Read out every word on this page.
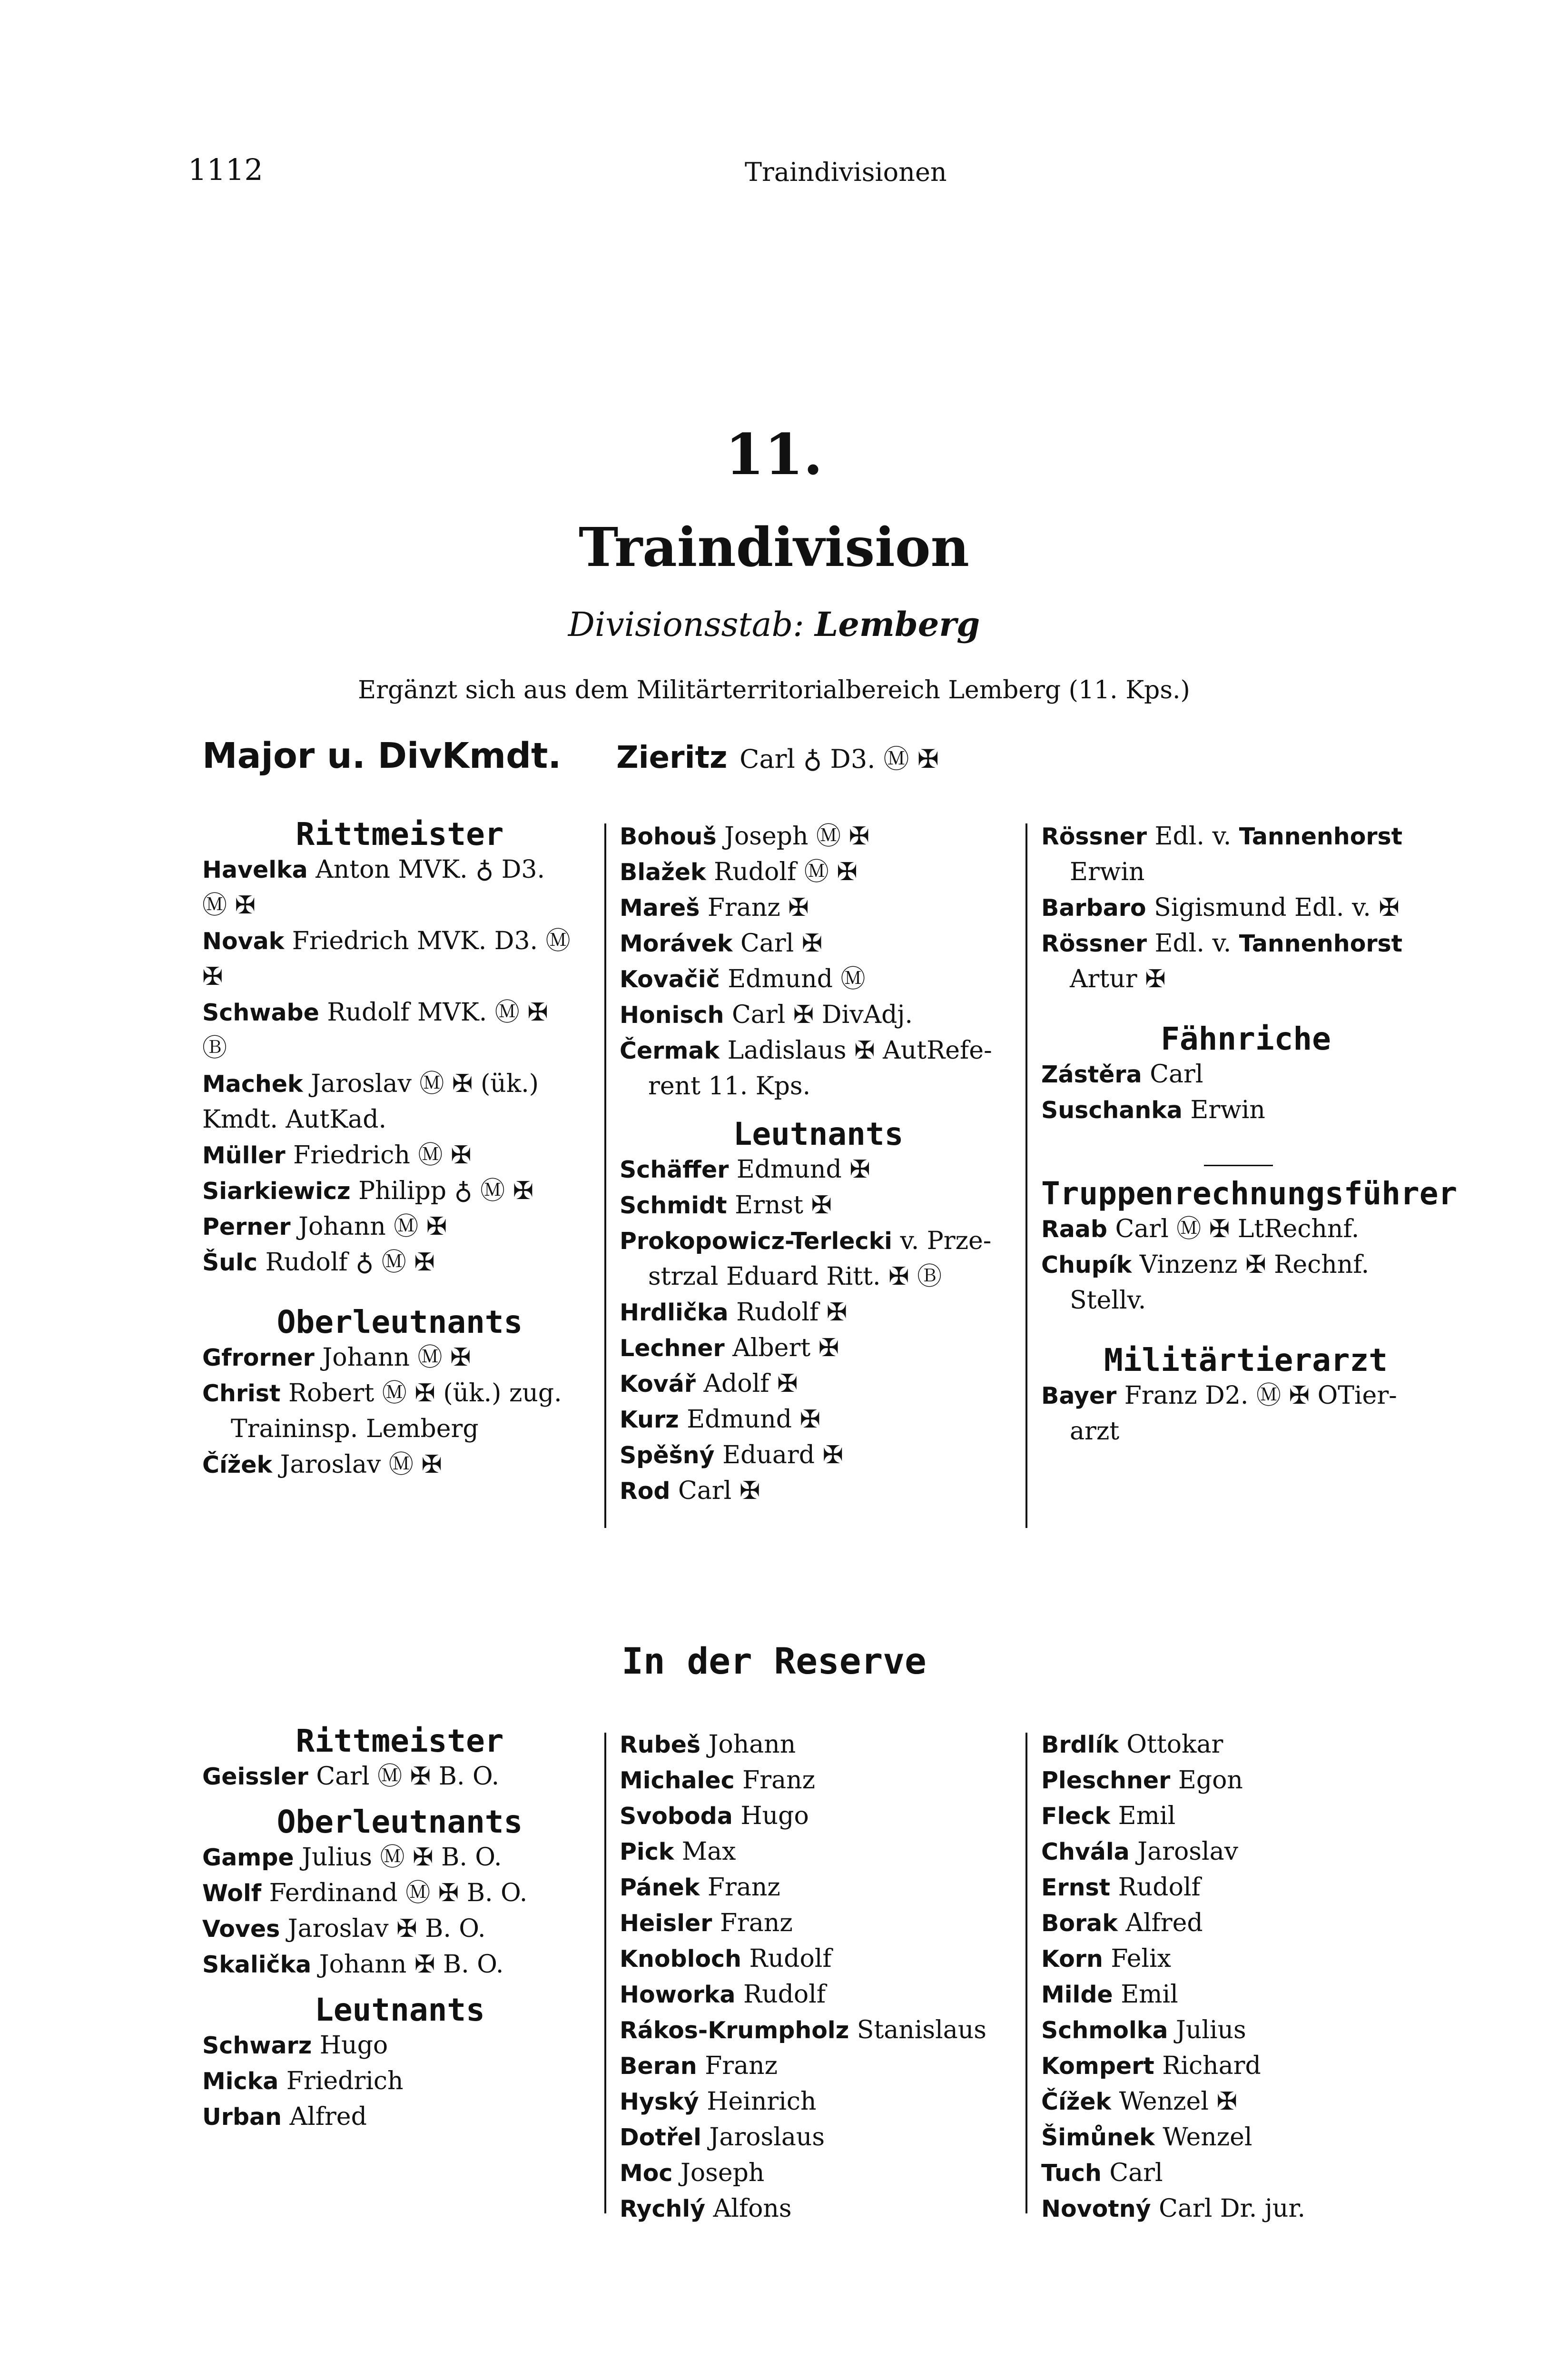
1112	Traindivisionen
11.
Traindivision
Divisionsstab: Lemberg
Ergänzt sich aus dem Militärterritorialbereich Lemberg (11. Kps.)
Major u. DivKmdt. Zieritz Carl ♁ D3. Ⓜ ✠

Rittmeister

Havelka Anton MVK. ♁ D3.

Ⓜ ✠

Novak Friedrich MVK. D3. Ⓜ

✠

Schwabe Rudolf MVK. Ⓜ ✠

Ⓑ

Machek Jaroslav Ⓜ ✠ (ük.)

Kmdt. AutKad.

Müller Friedrich Ⓜ ✠

Siarkiewicz Philipp ♁ Ⓜ ✠

Perner Johann Ⓜ ✠

Šulc Rudolf ♁ Ⓜ ✠

Oberleutnants

Gfrorner Johann Ⓜ ✠

Christ Robert Ⓜ ✠ (ük.) zug.

Traininsp. Lemberg

Čížek Jaroslav Ⓜ ✠

Bohouš Joseph Ⓜ ✠

Blažek Rudolf Ⓜ ✠

Mareš Franz ✠

Morávek Carl ✠

Kovačič Edmund Ⓜ

Honisch Carl ✠ DivAdj.

Čermak Ladislaus ✠ AutRefe-

rent 11. Kps.

Leutnants

Schäffer Edmund ✠

Schmidt Ernst ✠

Prokopowicz-Terlecki v. Prze-

strzal Eduard Ritt. ✠ Ⓑ

Hrdlička Rudolf ✠

Lechner Albert ✠

Kovář Adolf ✠

Kurz Edmund ✠

Spěšný Eduard ✠

Rod Carl ✠

Rössner Edl. v. Tannenhorst

Erwin

Barbaro Sigismund Edl. v. ✠

Rössner Edl. v. Tannenhorst

Artur ✠

Fähnriche

Zástěra Carl

Suschanka Erwin

Truppenrechnungsführer

Raab Carl Ⓜ ✠ LtRechnf.

Chupík Vinzenz ✠ Rechnf.

Stellv.

Militärtierarzt

Bayer Franz D2. Ⓜ ✠ OTier-

arzt

In der Reserve

Rittmeister

Geissler Carl Ⓜ ✠ B. O.

Oberleutnants

Gampe Julius Ⓜ ✠ B. O.

Wolf Ferdinand Ⓜ ✠ B. O.

Voves Jaroslav ✠ B. O.

Skalička Johann ✠ B. O.

Leutnants

Schwarz Hugo

Micka Friedrich

Urban Alfred

Rubeš Johann

Michalec Franz

Svoboda Hugo

Pick Max

Pánek Franz

Heisler Franz

Knobloch Rudolf

Howorka Rudolf

Rákos-Krumpholz Stanislaus

Beran Franz

Hyský Heinrich

Dotřel Jaroslaus

Moc Joseph

Rychlý Alfons

Brdlík Ottokar

Pleschner Egon

Fleck Emil

Chvála Jaroslav

Ernst Rudolf

Borak Alfred

Korn Felix

Milde Emil

Schmolka Julius

Kompert Richard

Čížek Wenzel ✠

Šimůnek Wenzel

Tuch Carl

Novotný Carl Dr. jur.
